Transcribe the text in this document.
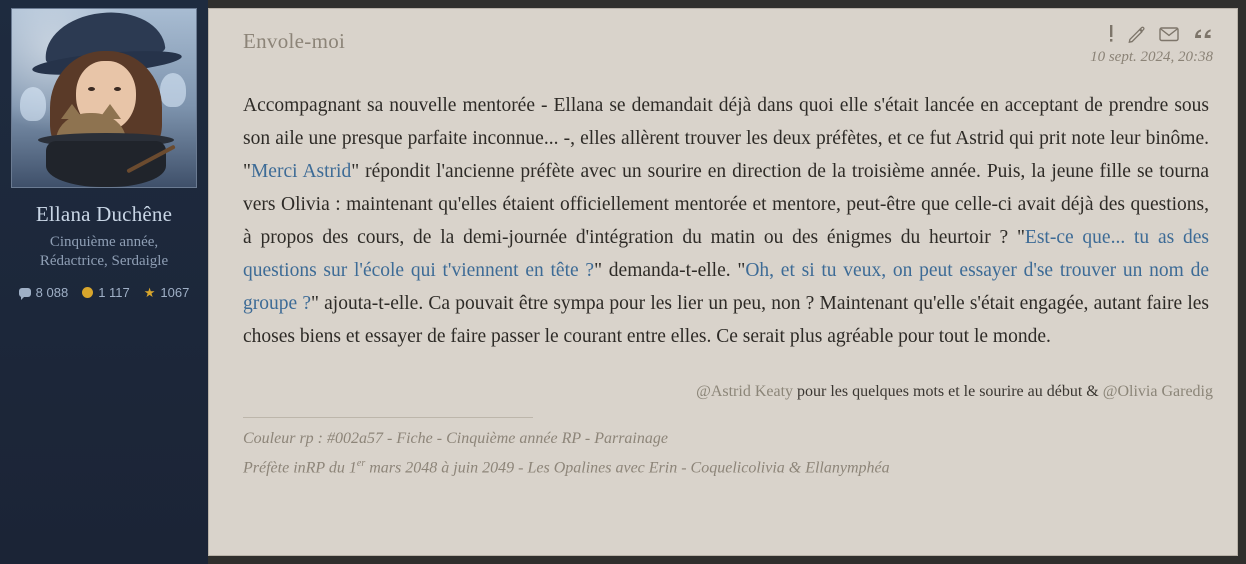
Ellana Duchêne
Cinquième année,
Rédactrice, Serdaigle
8 088 1 117 ★ 1067
Envole-moi
10 sept. 2024, 20:38
Accompagnant sa nouvelle mentorée - Ellana se demandait déjà dans quoi elle s'était lancée en acceptant de prendre sous son aile une presque parfaite inconnue... -, elles allèrent trouver les deux préfètes, et ce fut Astrid qui prit note leur binôme. "Merci Astrid" répondit l'ancienne préfète avec un sourire en direction de la troisième année. Puis, la jeune fille se tourna vers Olivia : maintenant qu'elles étaient officiellement mentorée et mentore, peut-être que celle-ci avait déjà des questions, à propos des cours, de la demi-journée d'intégration du matin ou des énigmes du heurtoir ? "Est-ce que... tu as des questions sur l'école qui t'viennent en tête ?" demanda-t-elle. "Oh, et si tu veux, on peut essayer d'se trouver un nom de groupe ?" ajouta-t-elle. Ca pouvait être sympa pour les lier un peu, non ? Maintenant qu'elle s'était engagée, autant faire les choses biens et essayer de faire passer le courant entre elles. Ce serait plus agréable pour tout le monde.
@Astrid Keaty pour les quelques mots et le sourire au début & @Olivia Garedig
Couleur rp : #002a57 - Fiche - Cinquième année RP - Parrainage
Préfète inRP du 1er mars 2048 à juin 2049 - Les Opalines avec Erin - Coquelicolivia & Ellanymphéa
